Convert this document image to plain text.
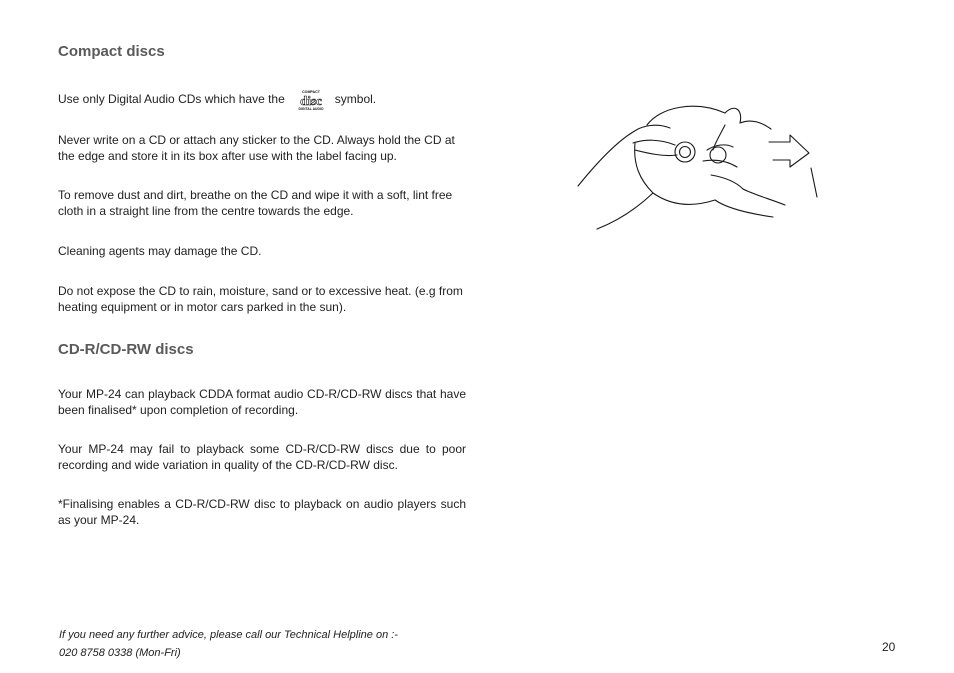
Compact discs

Use only Digital Audio CDs which have the
COMPACT
disc
DIGITAL AUDIO
symbol.

Never write on a CD or attach any sticker to the CD. Always hold the CD at the edge and store it in its box after use with the label facing up.

To remove dust and dirt, breathe on the CD and wipe it with a soft, lint free cloth in a straight line from the centre towards the edge.

Cleaning agents may damage the CD.

Do not expose the CD to rain, moisture, sand or to excessive heat. (e.g from heating equipment or in motor cars parked in the sun).

CD-R/CD-RW discs

Your MP-24 can playback CDDA format audio CD-R/CD-RW discs that have been finalised* upon completion of recording.

Your MP-24 may fail to playback some CD-R/CD-RW discs due to poor recording and wide variation in quality of the CD-R/CD-RW disc.

*Finalising enables a CD-R/CD-RW disc to playback on audio players such as your MP-24.

If you need any further advice, please call our Technical Helpline on :-

020 8758 0338 (Mon-Fri)	20
